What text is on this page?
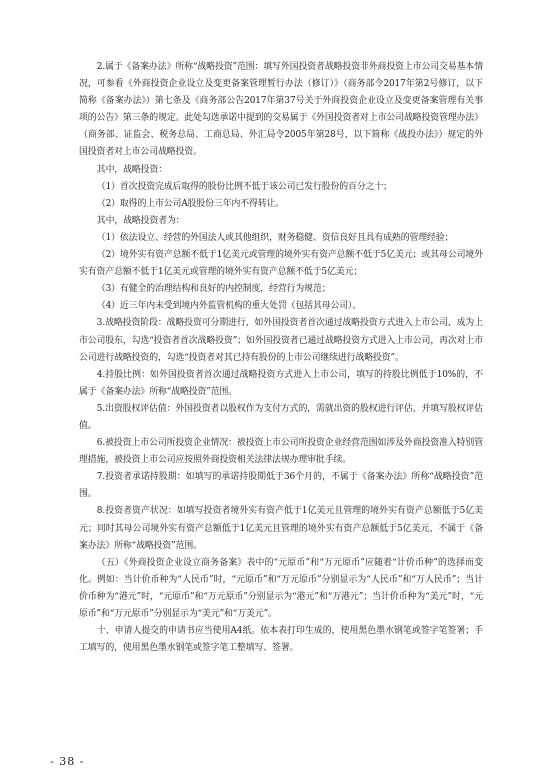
2.属于《备案办法》所称“战略投资”范围：填写外国投资者战略投资非外商投资上市公司交易基本情况，可参看《外商投资企业设立及变更备案管理暂行办法（修订）》（商务部令2017年第2号修订，以下简称《备案办法》）第七条及《商务部公告2017年第37号关于外商投资企业设立及变更备案管理有关事项的公告》第三条的规定。此处勾选承诺中提到的交易属于《外国投资者对上市公司战略投资管理办法》（商务部、证监会、税务总局、工商总局、外汇局令2005年第28号，以下简称《战投办法》）规定的外国投资者对上市公司战略投资。

其中，战略投资：

（1）首次投资完成后取得的股份比例不低于该公司已发行股份的百分之十；

（2）取得的上市公司A股股份三年内不得转让。

其中，战略投资者为：

（1）依法设立、经营的外国法人或其他组织，财务稳健、资信良好且具有成熟的管理经验；

（2）境外实有资产总额不低于1亿美元或管理的境外实有资产总额不低于5亿美元；或其母公司境外实有资产总额不低于1亿美元或管理的境外实有资产总额不低于5亿美元；

（3）有健全的治理结构和良好的内控制度，经营行为规范；

（4）近三年内未受到境内外监管机构的重大处罚（包括其母公司）。

3.战略投资阶段：战略投资可分期进行，如外国投资者首次通过战略投资方式进入上市公司，成为上市公司股东，勾选“投资者首次战略投资”；如外国投资者已通过战略投资方式进入上市公司，再次对上市公司进行战略投资的，勾选“投资者对其已持有股份的上市公司继续进行战略投资”。

4.持股比例：如外国投资者首次通过战略投资方式进入上市公司，填写的持股比例低于10%的，不属于《备案办法》所称“战略投资”范围。

5.出资股权评估值：外国投资者以股权作为支付方式的，需就出资的股权进行评估，并填写股权评估值。

6.被投资上市公司所投资企业情况：被投资上市公司所投资企业经营范围如涉及外商投资准入特别管理措施，被投资上市公司应按照外商投资相关法律法规办理审批手续。

7.投资者承诺持股期：如填写的承诺持股期低于36个月的，不属于《备案办法》所称“战略投资”范围。

8.投资者资产状况：如填写投资者境外实有资产低于1亿美元且管理的境外实有资产总额低于5亿美元；同时其母公司境外实有资产总额低于1亿美元且管理的境外实有资产总额低于5亿美元，不属于《备案办法》所称“战略投资”范围。

（五）《外商投资企业设立商务备案》表中的“元原币”和“万元原币”应随着“计价币种”的选择而变化。例如：当计价币种为“人民币”时，“元原币”和“万元原币”分别显示为“人民币”和“万人民币”；当计价币种为“港元”时，“元原币”和“万元原币”分别显示为“港元”和“万港元”；当计价币种为“美元”时，“元原币”和“万元原币”分别显示为“美元”和“万美元”。

十、申请人提交的申请书应当使用A4纸。依本表打印生成的，使用黑色墨水钢笔或签字笔签署；手工填写的，使用黑色墨水钢笔或签字笔工整填写、签署。

- 38 -
